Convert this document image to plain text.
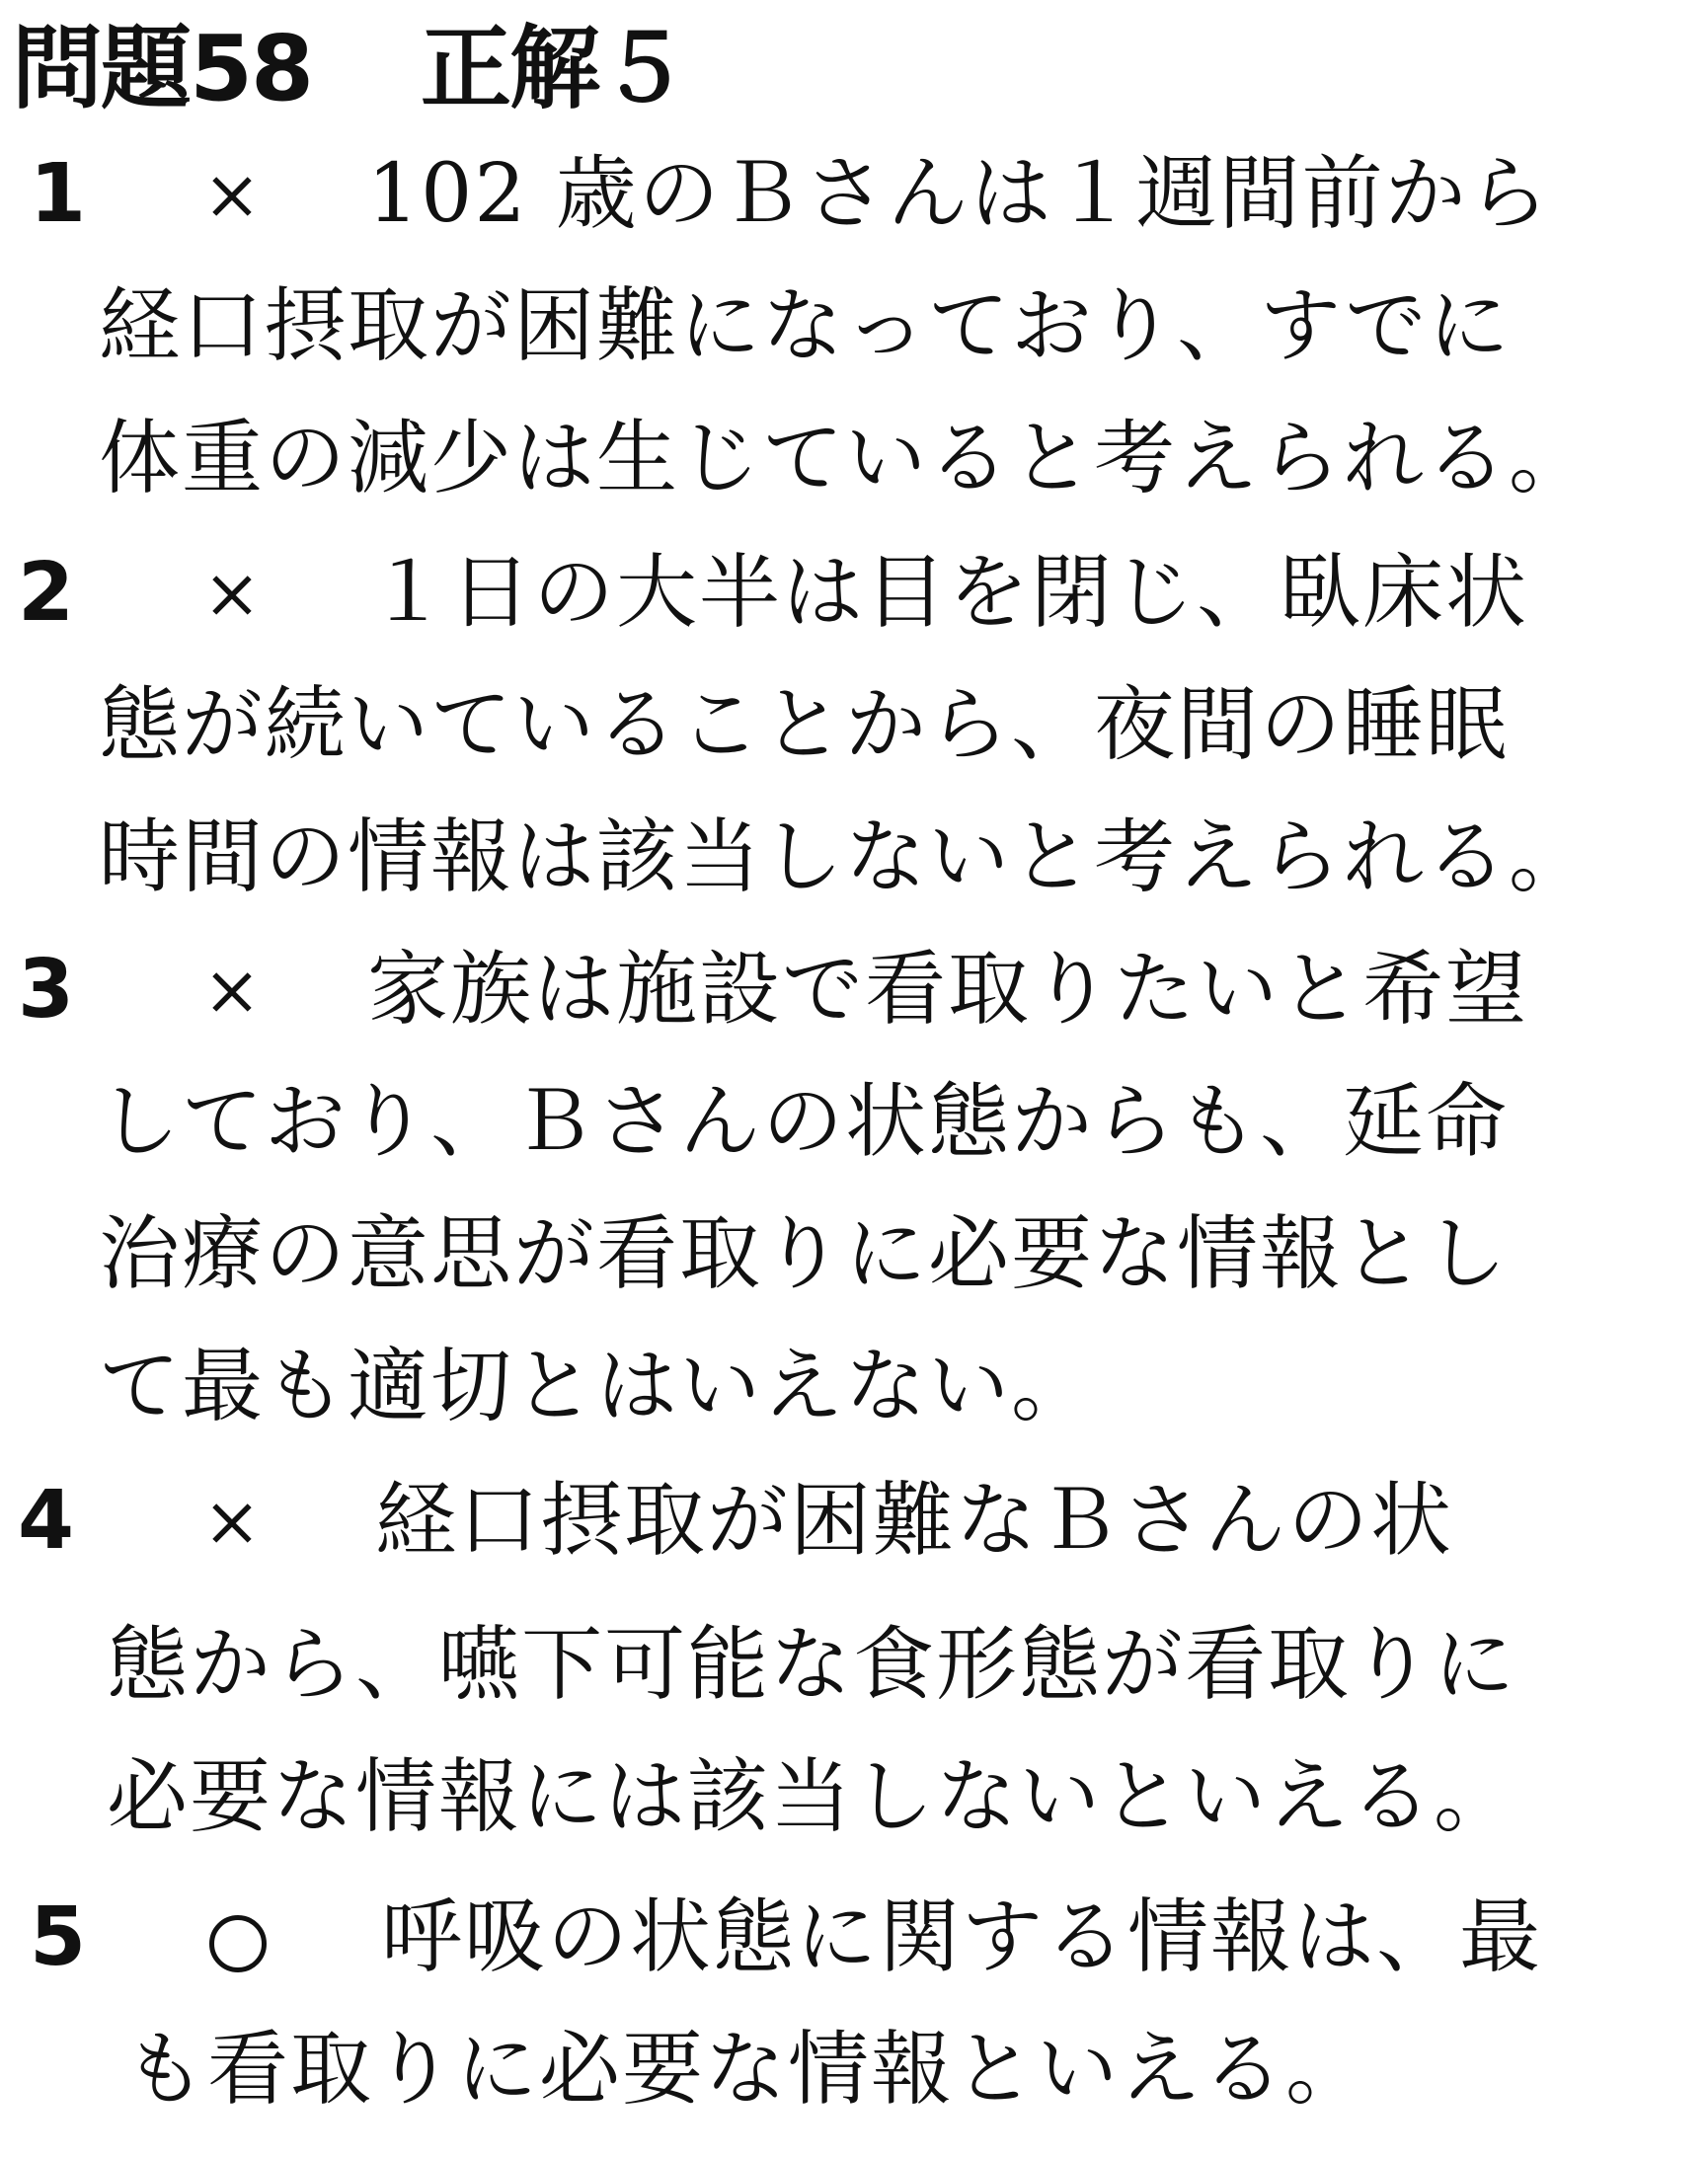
問題58 正解５
1 × 102 歳のＢさんは１週間前から
経口摂取が困難になっており、すでに
体重の減少は生じていると考えられる。
2 × １日の大半は目を閉じ、臥床状
態が続いていることから、夜間の睡眠
時間の情報は該当しないと考えられる。
3 × 家族は施設で看取りたいと希望
しており、Ｂさんの状態からも、延命
治療の意思が看取りに必要な情報とし
て最も適切とはいえない。
4 × 経口摂取が困難なＢさんの状
態から、嚥下可能な食形態が看取りに
必要な情報には該当しないといえる。
5	呼吸の状態に関する情報は、最
も看取りに必要な情報といえる。
